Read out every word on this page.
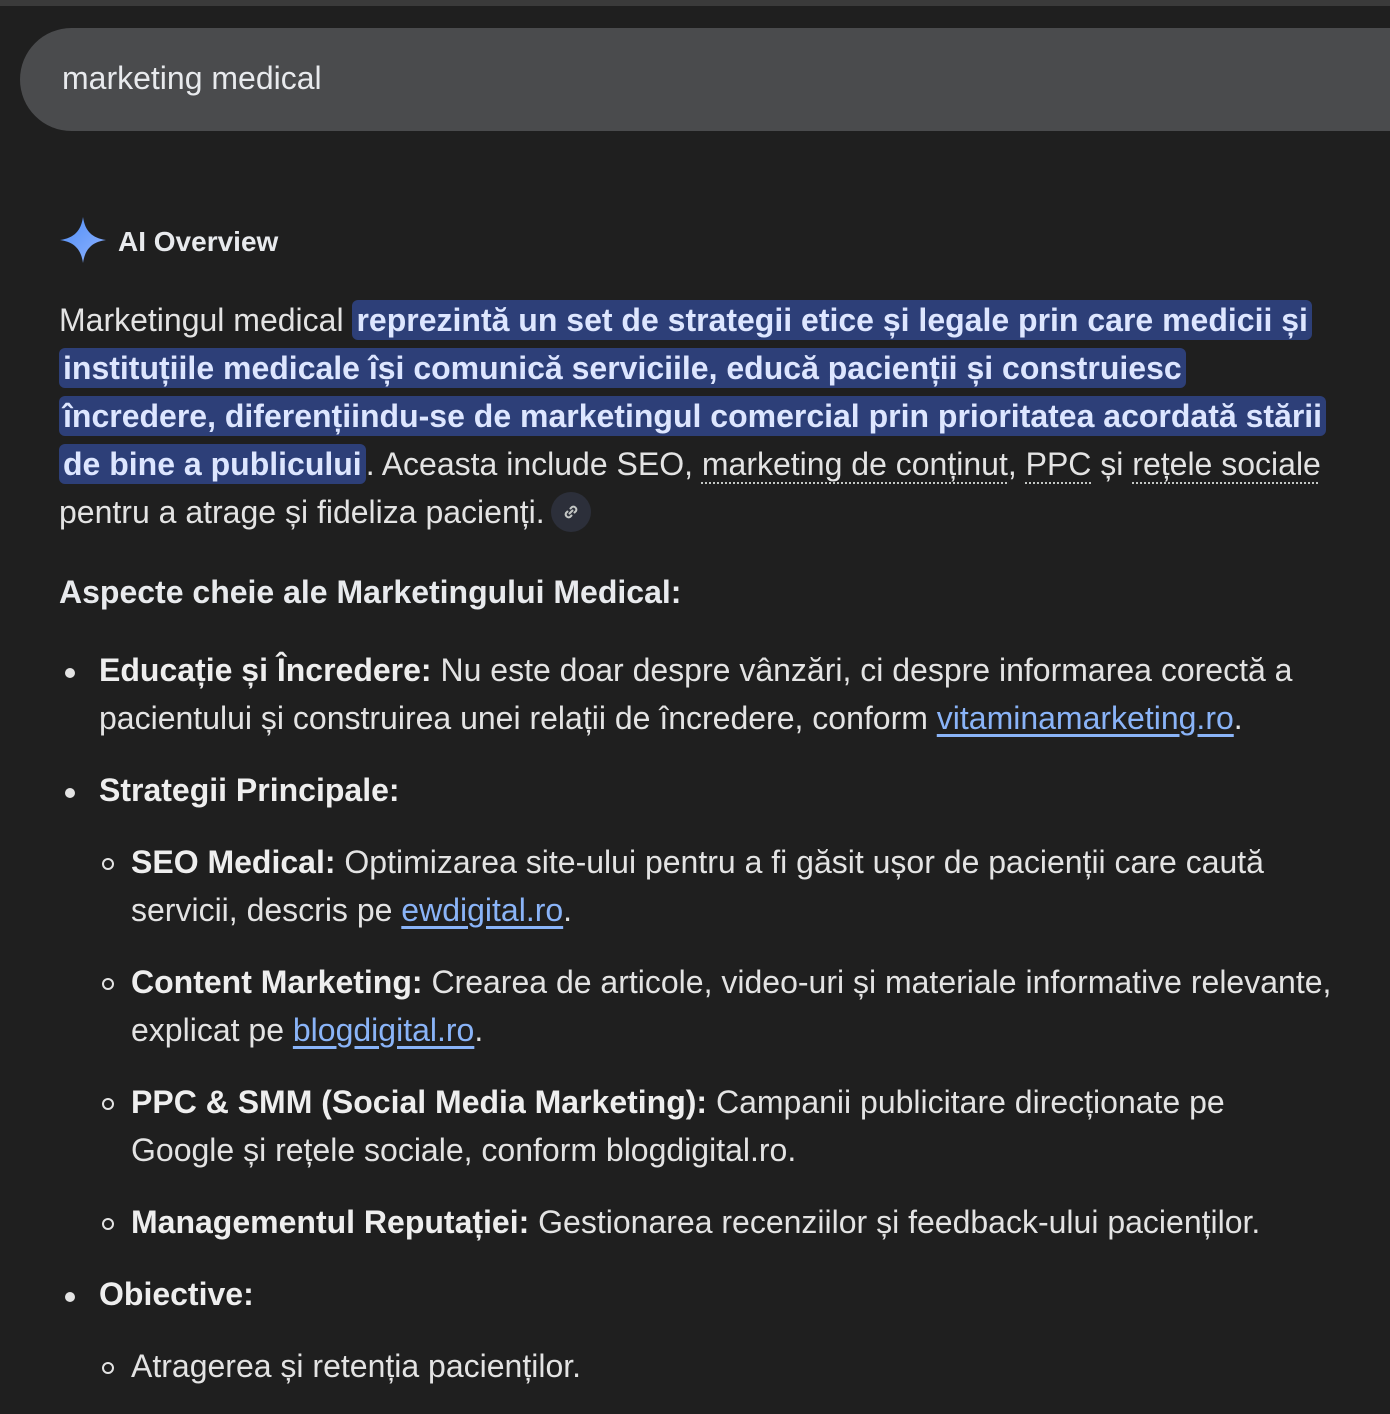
marketing medical
AI Overview

Marketingul medical reprezintă un set de strategii etice și legale prin care medicii și instituțiile medicale își comunică serviciile, educă pacienții și construiesc încredere, diferențiindu-se de marketingul comercial prin prioritatea acordată stării de bine a publicului . Aceasta include SEO, marketing de conținut, PPC și rețele sociale pentru a atrage și fideliza pacienți.

Aspecte cheie ale Marketingului Medical:

Educație și Încredere: Nu este doar despre vânzări, ci despre informarea corectă a pacientului și construirea unei relații de încredere, conform vitaminamarketing.ro.
Strategii Principale:
SEO Medical: Optimizarea site-ului pentru a fi găsit ușor de pacienții care caută servicii, descris pe ewdigital.ro.
Content Marketing: Crearea de articole, video-uri și materiale informative relevante, explicat pe blogdigital.ro.
PPC & SMM (Social Media Marketing): Campanii publicitare direcționate pe Google și rețele sociale, conform blogdigital.ro.
Managementul Reputației: Gestionarea recenziilor și feedback-ului pacienților.
Obiective:
Atragerea și retenția pacienților.
